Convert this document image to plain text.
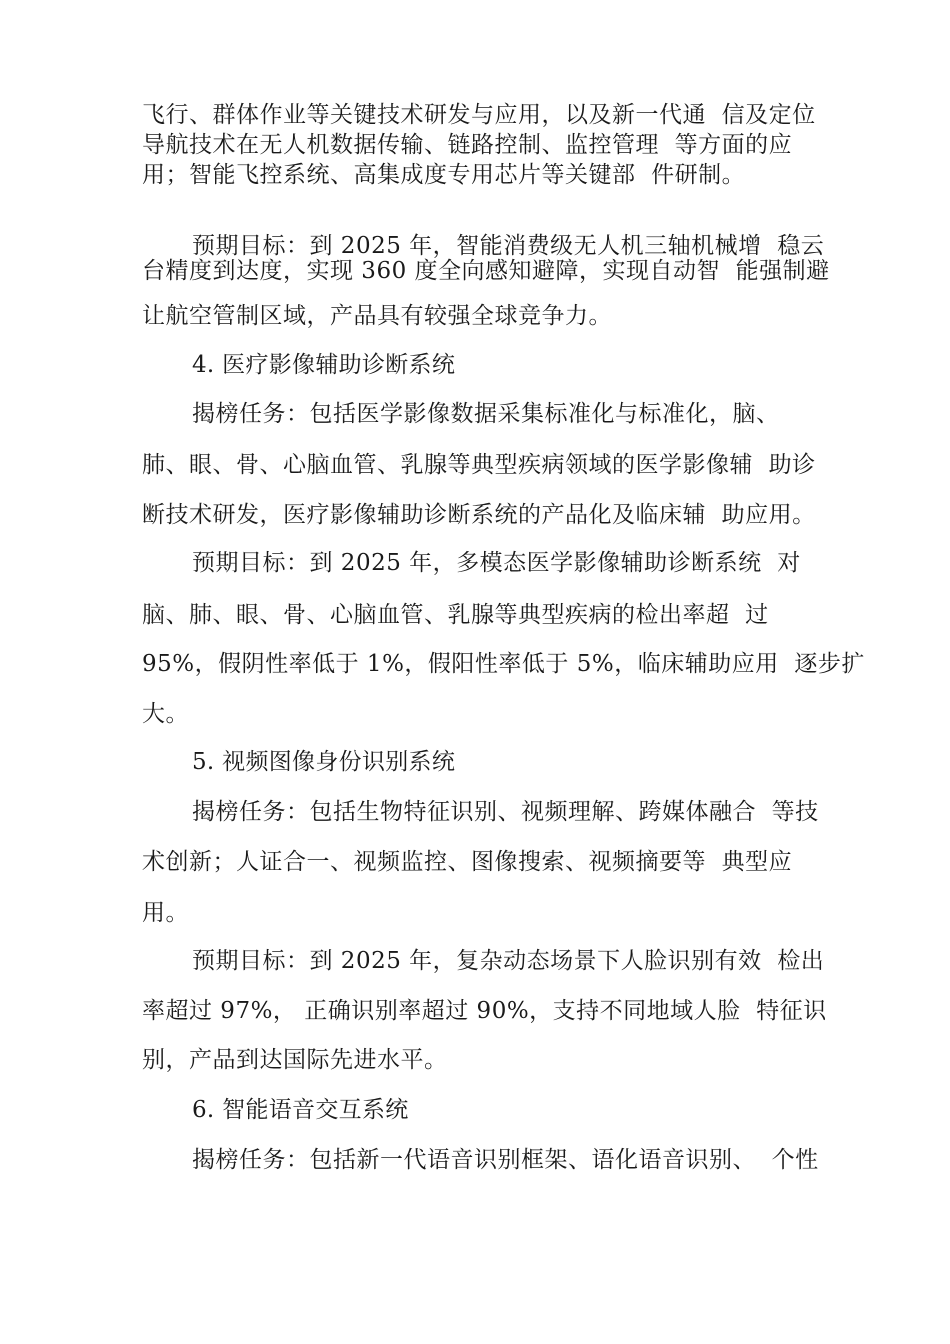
飞行、群体作业等关键技术研发与应用，以及新一代通  信及定位
导航技术在无人机数据传输、链路控制、监控管理  等方面的应
用；智能飞控系统、高集成度专用芯片等关键部  件研制。
预期目标：到 2025 年，智能消费级无人机三轴机械增  稳云
台精度到达度，实现 360 度全向感知避障，实现自动智  能强制避
让航空管制区域，产品具有较强全球竞争力。
4. 医疗影像辅助诊断系统
揭榜任务：包括医学影像数据采集标准化与标准化，脑、
肺、眼、骨、心脑血管、乳腺等典型疾病领域的医学影像辅  助诊
断技术研发，医疗影像辅助诊断系统的产品化及临床辅  助应用。
预期目标：到 2025 年，多模态医学影像辅助诊断系统  对
脑、肺、眼、骨、心脑血管、乳腺等典型疾病的检出率超  过
95%，假阴性率低于 1%，假阳性率低于 5%，临床辅助应用  逐步扩
大。
5. 视频图像身份识别系统
揭榜任务：包括生物特征识别、视频理解、跨媒体融合  等技
术创新；人证合一、视频监控、图像搜索、视频摘要等  典型应
用。
预期目标：到 2025 年，复杂动态场景下人脸识别有效  检出
率超过 97%， 正确识别率超过 90%，支持不同地域人脸  特征识
别，产品到达国际先进水平。
6. 智能语音交互系统
揭榜任务：包括新一代语音识别框架、语化语音识别、  个性
